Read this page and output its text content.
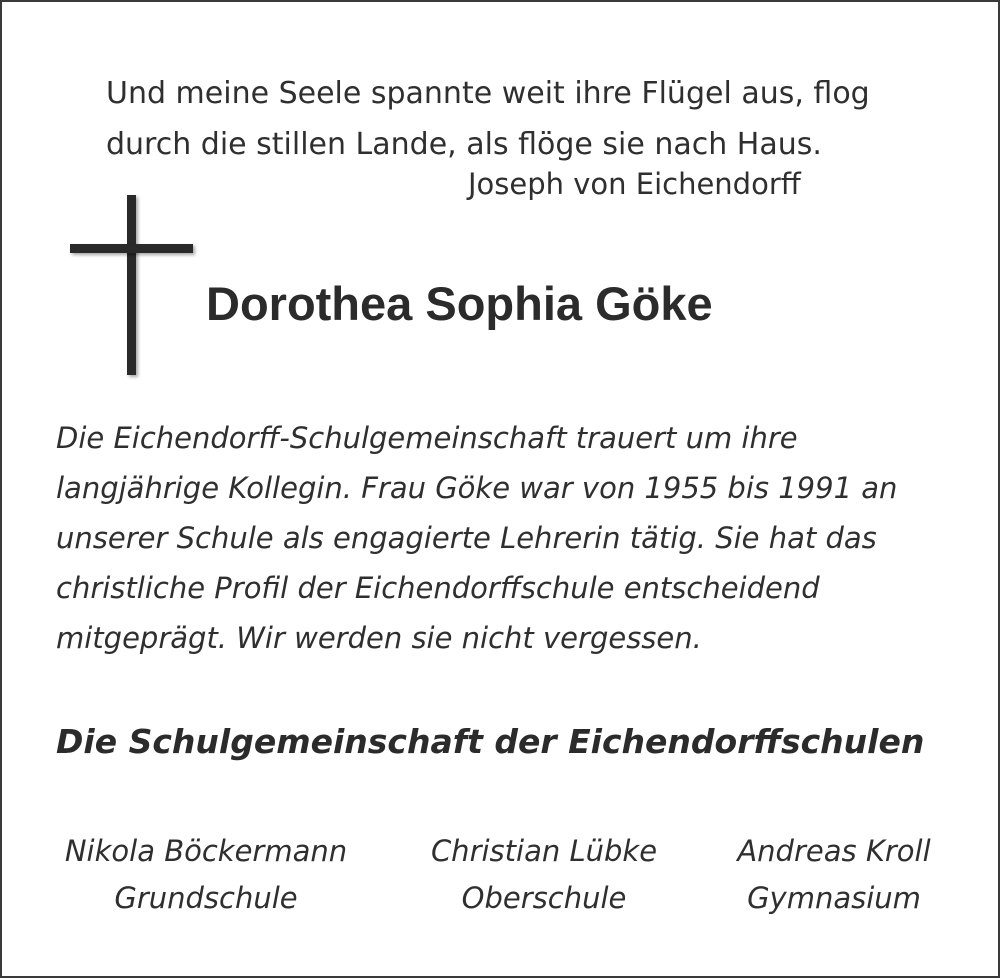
Und meine Seele spannte weit ihre Flügel aus, flog
durch die stillen Lande, als flöge sie nach Haus.
Joseph von Eichendorff
Dorothea Sophia Göke
Die Eichendorff-Schulgemeinschaft trauert um ihre
langjährige Kollegin. Frau Göke war von 1955 bis 1991 an
unserer Schule als engagierte Lehrerin tätig. Sie hat das
christliche Profil der Eichendorffschule entscheidend
mitgeprägt. Wir werden sie nicht vergessen.
Die Schulgemeinschaft der Eichendorffschulen
Nikola Böckermann
Grundschule
Christian Lübke
Oberschule
Andreas Kroll
Gymnasium
